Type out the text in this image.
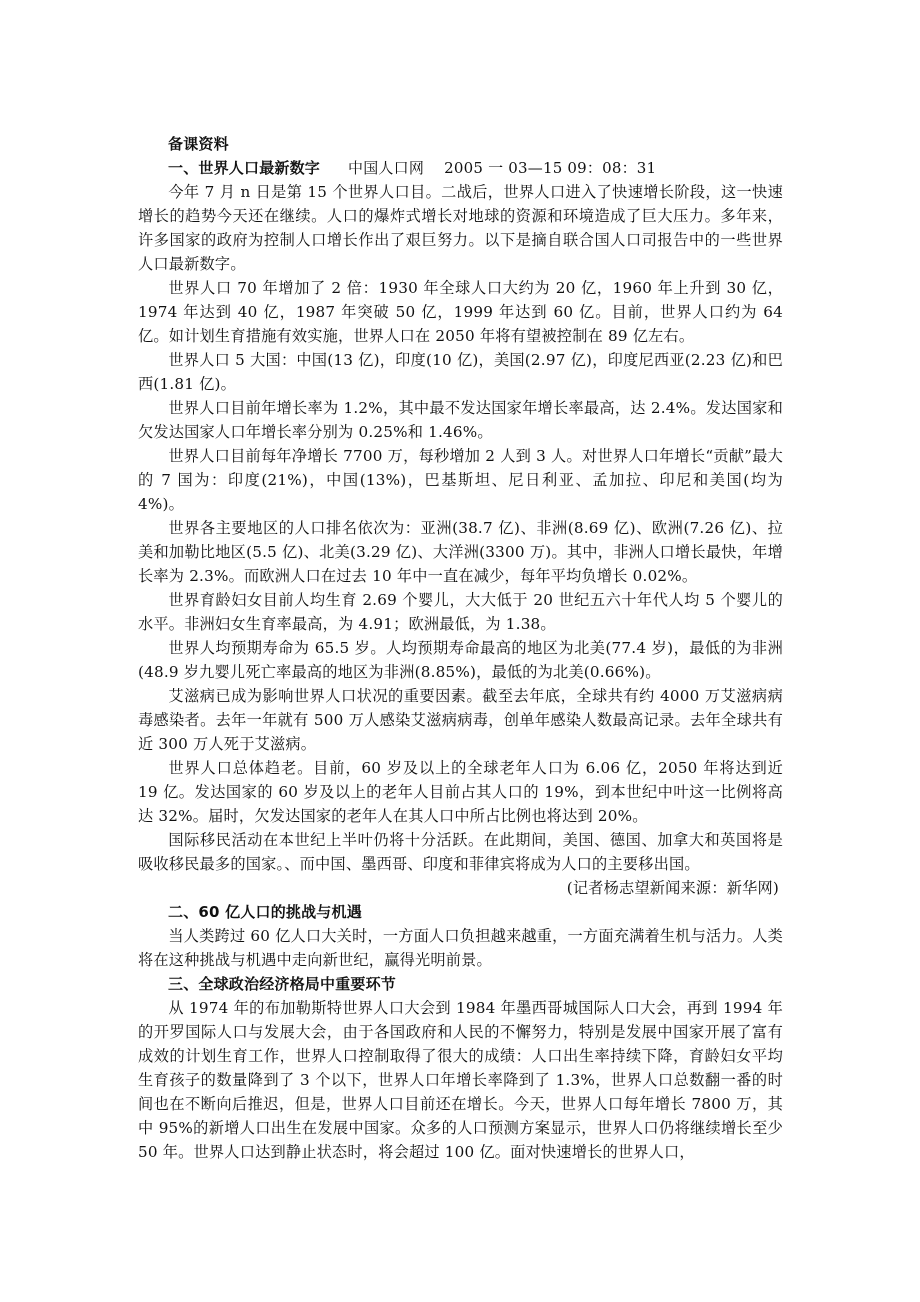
备课资料

一、世界人口最新数字 中国人口网　 2005 一 03—15 09：08：31

今年 7 月 n 日是第 15 个世界人口目。二战后，世界人口进入了快速增长阶段，这一快速增长的趋势今天还在继续。人口的爆炸式增长对地球的资源和环境造成了巨大压力。多年来，许多国家的政府为控制人口增长作出了艰巨努力。以下是摘自联合国人口司报告中的一些世界人口最新数字。

世界人口 70 年增加了 2 倍：1930 年全球人口大约为 20 亿，1960 年上升到 30 亿，1974 年达到 40 亿，1987 年突破 50 亿，1999 年达到 60 亿。目前，世界人口约为 64 亿。如计划生育措施有效实施，世界人口在 2050 年将有望被控制在 89 亿左右。

世界人口 5 大国：中国(13 亿)，印度(10 亿)，美国(2.97 亿)，印度尼西亚(2.23 亿)和巴西(1.81 亿)。

世界人口目前年增长率为 1.2%，其中最不发达国家年增长率最高，达 2.4%。发达国家和欠发达国家人口年增长率分别为 0.25%和 1.46%。

世界人口目前每年净增长 7700 万，每秒增加 2 人到 3 人。对世界人口年增长“贡献”最大的 7 国为：印度(21%)，中国(13%)，巴基斯坦、尼日利亚、孟加拉、印尼和美国(均为 4%)。

世界各主要地区的人口排名依次为：亚洲(38.7 亿)、非洲(8.69 亿)、欧洲(7.26 亿)、拉美和加勒比地区(5.5 亿)、北美(3.29 亿)、大洋洲(3300 万)。其中，非洲人口增长最快，年增长率为 2.3%。而欧洲人口在过去 10 年中一直在减少，每年平均负增长 0.02%。

世界育龄妇女目前人均生育 2.69 个婴儿，大大低于 20 世纪五六十年代人均 5 个婴儿的水平。非洲妇女生育率最高，为 4.91；欧洲最低，为 1.38。

世界人均预期寿命为 65.5 岁。人均预期寿命最高的地区为北美(77.4 岁)，最低的为非洲(48.9 岁九婴儿死亡率最高的地区为非洲(8.85%)，最低的为北美(0.66%)。

艾滋病已成为影响世界人口状况的重要因素。截至去年底，全球共有约 4000 万艾滋病病毒感染者。去年一年就有 500 万人感染艾滋病病毒，创单年感染人数最高记录。去年全球共有近 300 万人死于艾滋病。

世界人口总体趋老。目前，60 岁及以上的全球老年人口为 6.06 亿，2050 年将达到近 19 亿。发达国家的 60 岁及以上的老年人目前占其人口的 19%，到本世纪中叶这一比例将高达 32%。届时，欠发达国家的老年人在其人口中所占比例也将达到 20%。

国际移民活动在本世纪上半叶仍将十分活跃。在此期间，美国、德国、加拿大和英国将是吸收移民最多的国家。、而中国、墨西哥、印度和菲律宾将成为人口的主要移出国。

(记者杨志望新闻来源：新华网)

二、60 亿人口的挑战与机遇

当人类跨过 60 亿人口大关时，一方面人口负担越来越重，一方面充满着生机与活力。人类将在这种挑战与机遇中走向新世纪，赢得光明前景。

三、全球政治经济格局中重要环节

从 1974 年的布加勒斯特世界人口大会到 1984 年墨西哥城国际人口大会，再到 1994 年的开罗国际人口与发展大会，由于各国政府和人民的不懈努力，特别是发展中国家开展了富有成效的计划生育工作，世界人口控制取得了很大的成绩：人口出生率持续下降，育龄妇女平均生育孩子的数量降到了 3 个以下，世界人口年增长率降到了 1.3%，世界人口总数翻一番的时间也在不断向后推迟，但是，世界人口目前还在增长。今天，世界人口每年增长 7800 万，其中 95%的新增人口出生在发展中国家。众多的人口预测方案显示，世界人口仍将继续增长至少 50 年。世界人口达到静止状态时，将会超过 100 亿。面对快速增长的世界人口，
